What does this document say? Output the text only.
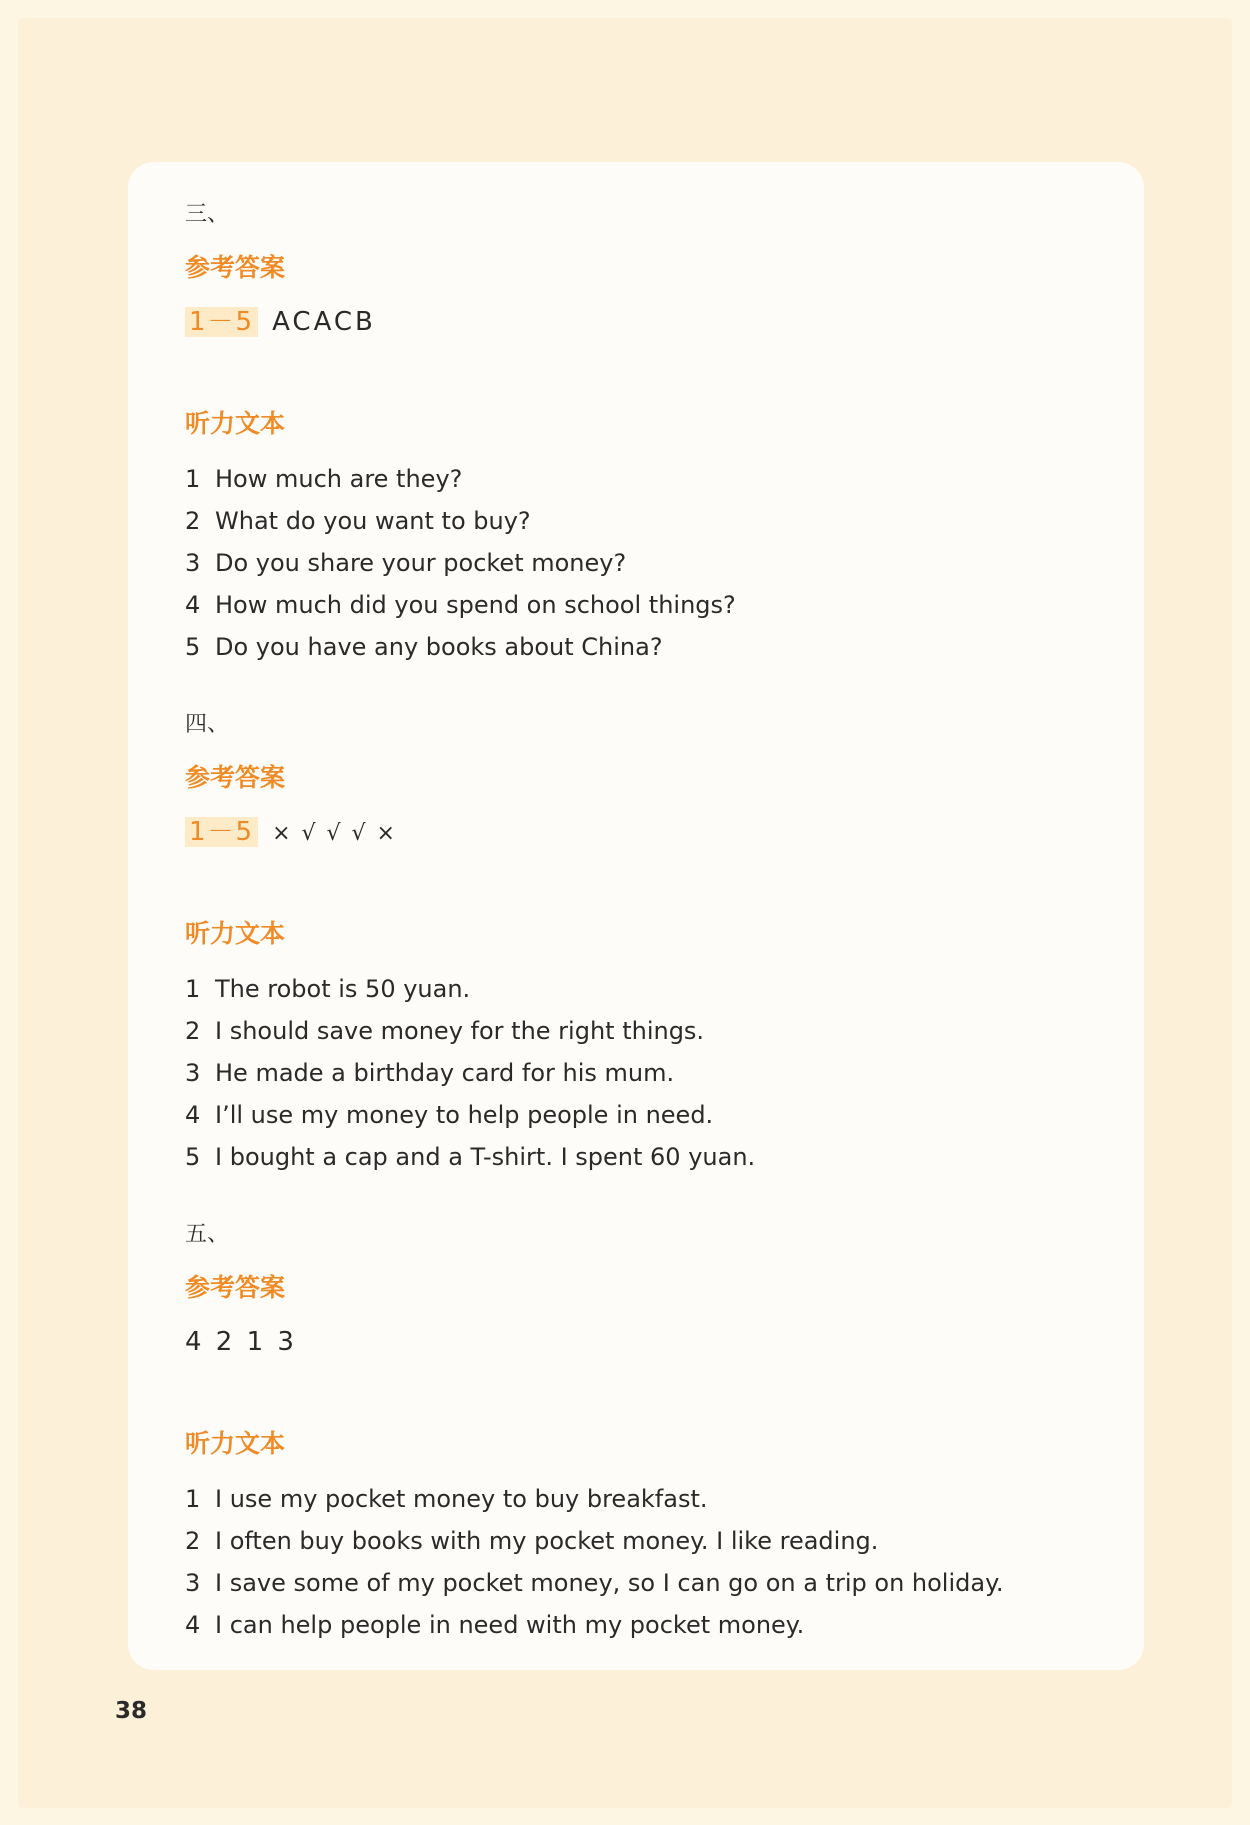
三、
参考答案
1－5 ACACB
听力文本
1 How much are they?
2 What do you want to buy?
3 Do you share your pocket money?
4 How much did you spend on school things?
5 Do you have any books about China?
四、
参考答案
1－5 × √ √ √ ×
听力文本
1 The robot is 50 yuan.
2 I should save money for the right things.
3 He made a birthday card for his mum.
4 I’ll use my money to help people in need.
5 I bought a cap and a T-shirt. I spent 60 yuan.
五、
参考答案
4 2 1 3
听力文本
1 I use my pocket money to buy breakfast.
2 I often buy books with my pocket money. I like reading.
3 I save some of my pocket money, so I can go on a trip on holiday.
4 I can help people in need with my pocket money.
38
